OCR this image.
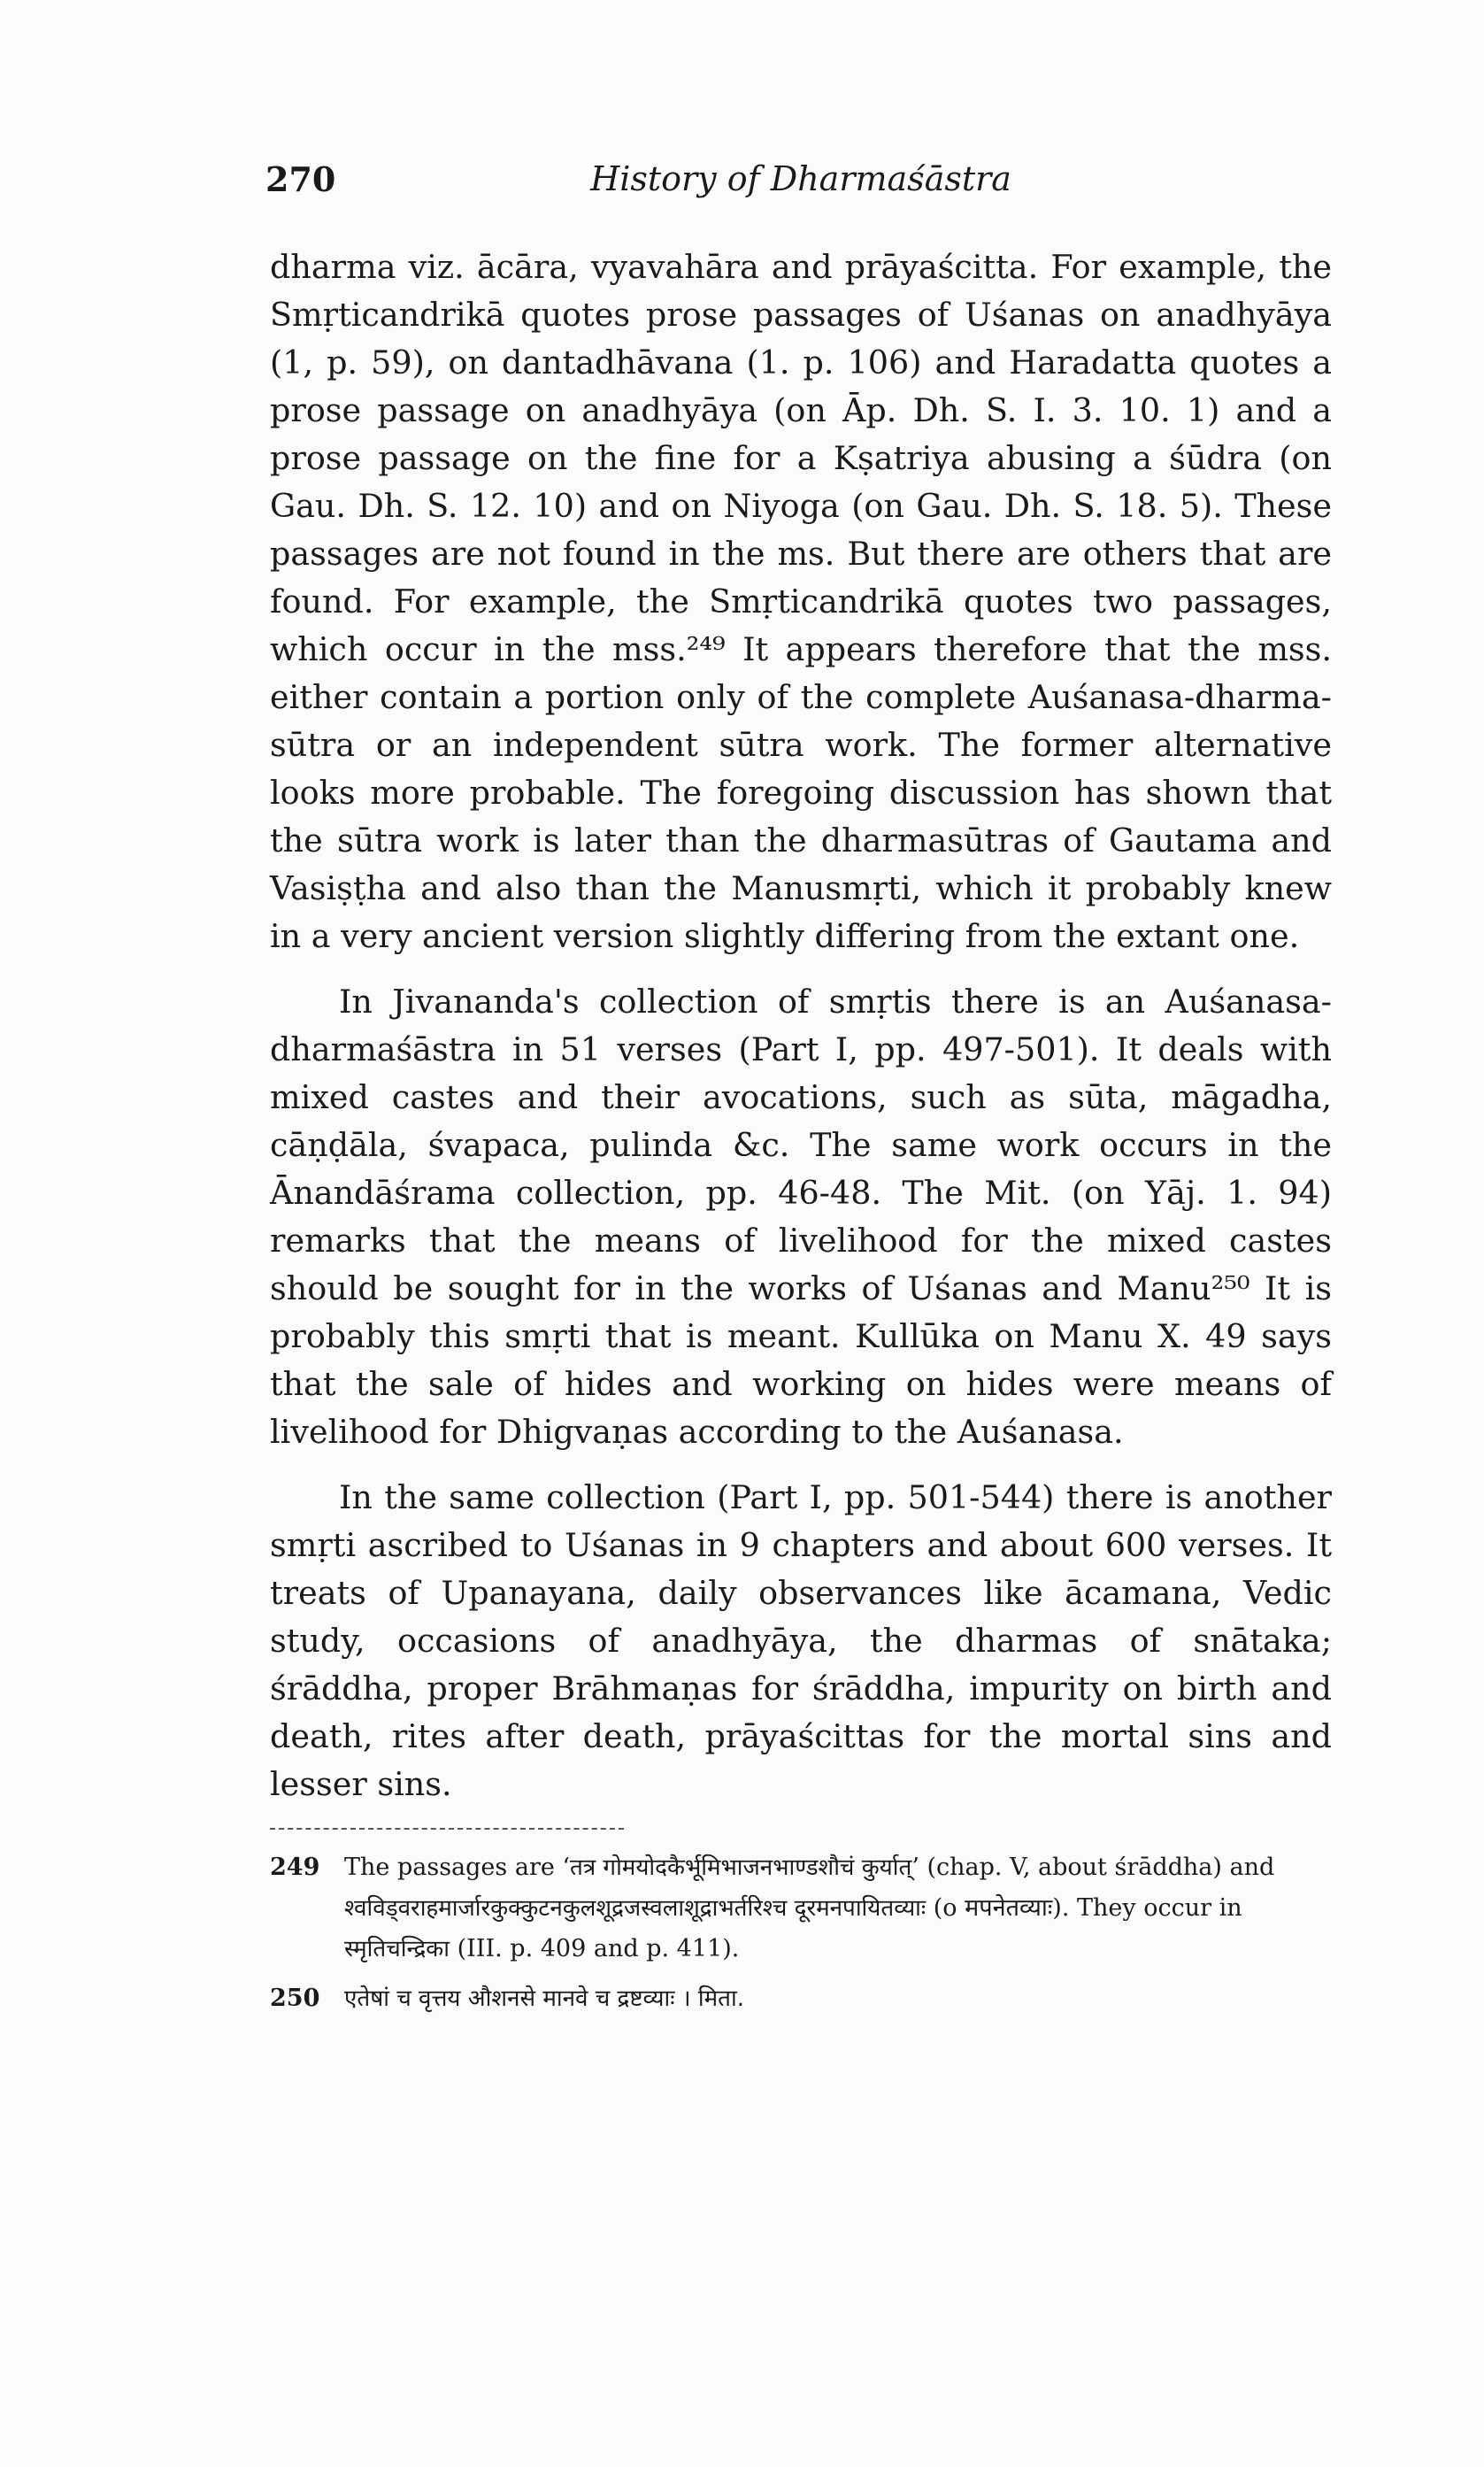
270	History of Dharmaśāstra

dharma viz. ācāra, vyavahāra and prāyaścitta. For example, the Smṛticandrikā quotes prose passages of Uśanas on anadhyāya (1, p. 59), on dantadhāvana (1. p. 106) and Haradatta quotes a prose passage on anadhyāya (on Āp. Dh. S. I. 3. 10. 1) and a prose passage on the fine for a Kṣatriya abusing a śūdra (on Gau. Dh. S. 12. 10) and on Niyoga (on Gau. Dh. S. 18. 5). These passages are not found in the ms. But there are others that are found. For example, the Smṛticandrikā quotes two passages, which occur in the mss.²⁴⁹ It appears therefore that the mss. either contain a portion only of the complete Auśanasa-dharma-sūtra or an independent sūtra work. The former alternative looks more probable. The foregoing discussion has shown that the sūtra work is later than the dharmasūtras of Gautama and Vasiṣṭha and also than the Manusmṛti, which it probably knew in a very ancient version slightly differing from the extant one.

In Jivananda's collection of smṛtis there is an Auśanasa-dharmaśāstra in 51 verses (Part I, pp. 497-501). It deals with mixed castes and their avocations, such as sūta, māgadha, cāṇḍāla, śvapaca, pulinda &c. The same work occurs in the Ānandāśrama collection, pp. 46-48. The Mit. (on Yāj. 1. 94) remarks that the means of livelihood for the mixed castes should be sought for in the works of Uśanas and Manu²⁵⁰ It is probably this smṛti that is meant. Kullūka on Manu X. 49 says that the sale of hides and working on hides were means of livelihood for Dhigvaṇas according to the Auśanasa.

In the same collection (Part I, pp. 501-544) there is another smṛti ascribed to Uśanas in 9 chapters and about 600 verses. It treats of Upanayana, daily observances like ācamana, Vedic study, occasions of anadhyāya, the dharmas of snātaka; śrāddha, proper Brāhmaṇas for śrāddha, impurity on birth and death, rites after death, prāyaścittas for the mortal sins and lesser sins.

249	The passages are ‘तत्र गोमयोदकैर्भूमिभाजनभाण्डशौचं कुर्यात्’ (chap. V, about śrāddha) and श्वविड्वराहमार्जारकुक्कुटनकुलशूद्रजस्वलाशूद्राभर्तरिश्च दूरमनपायितव्याः (o मपनेतव्याः). They occur in स्मृतिचन्द्रिका (III. p. 409 and p. 411).
250	एतेषां च वृत्तय औशनसे मानवे च द्रष्टव्याः । मिता.
